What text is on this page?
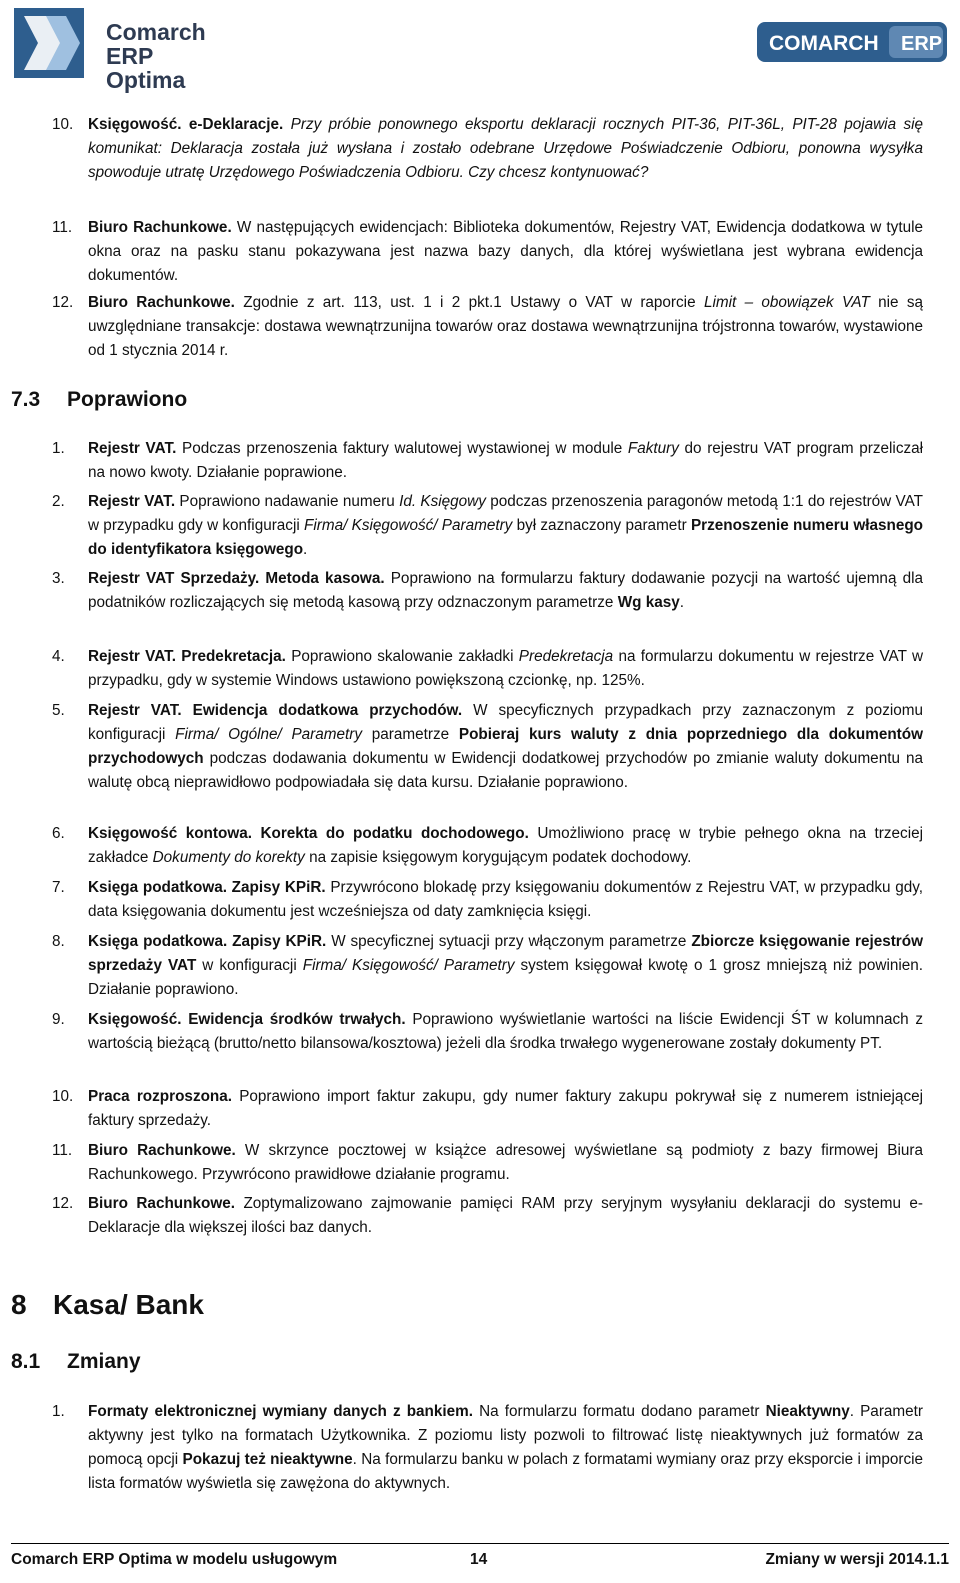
Comarch ERP
Optima
COMARCH ERP
10. Księgowość. e-Deklaracje. Przy próbie ponownego eksportu deklaracji rocznych PIT-36, PIT-36L, PIT-28 pojawia się komunikat: Deklaracja została już wysłana i zostało odebrane Urzędowe Poświadczenie Odbioru, ponowna wysyłka spowoduje utratę Urzędowego Poświadczenia Odbioru. Czy chcesz kontynuować?
11. Biuro Rachunkowe. W następujących ewidencjach: Biblioteka dokumentów, Rejestry VAT, Ewidencja dodatkowa w tytule okna oraz na pasku stanu pokazywana jest nazwa bazy danych, dla której wyświetlana jest wybrana ewidencja dokumentów.
12. Biuro Rachunkowe. Zgodnie z art. 113, ust. 1 i 2 pkt.1 Ustawy o VAT w raporcie Limit – obowiązek VAT nie są uwzględniane transakcje: dostawa wewnątrzunijna towarów oraz dostawa wewnątrzunijna trójstronna towarów, wystawione od 1 stycznia 2014 r.
7.3 Poprawiono
1. Rejestr VAT. Podczas przenoszenia faktury walutowej wystawionej w module Faktury do rejestru VAT program przeliczał na nowo kwoty. Działanie poprawione.
2. Rejestr VAT. Poprawiono nadawanie numeru Id. Księgowy podczas przenoszenia paragonów metodą 1:1 do rejestrów VAT w przypadku gdy w konfiguracji Firma/ Księgowość/ Parametry był zaznaczony parametr Przenoszenie numeru własnego do identyfikatora księgowego.
3. Rejestr VAT Sprzedaży. Metoda kasowa. Poprawiono na formularzu faktury dodawanie pozycji na wartość ujemną dla podatników rozliczających się metodą kasową przy odznaczonym parametrze Wg kasy.
4. Rejestr VAT. Predekretacja. Poprawiono skalowanie zakładki Predekretacja na formularzu dokumentu w rejestrze VAT w przypadku, gdy w systemie Windows ustawiono powiększoną czcionkę, np. 125%.
5. Rejestr VAT. Ewidencja dodatkowa przychodów. W specyficznych przypadkach przy zaznaczonym z poziomu konfiguracji Firma/ Ogólne/ Parametry parametrze Pobieraj kurs waluty z dnia poprzedniego dla dokumentów przychodowych podczas dodawania dokumentu w Ewidencji dodatkowej przychodów po zmianie waluty dokumentu na walutę obcą nieprawidłowo podpowiadała się data kursu. Działanie poprawiono.
6. Księgowość kontowa. Korekta do podatku dochodowego. Umożliwiono pracę w trybie pełnego okna na trzeciej zakładce Dokumenty do korekty na zapisie księgowym korygującym podatek dochodowy.
7. Księga podatkowa. Zapisy KPiR. Przywrócono blokadę przy księgowaniu dokumentów z Rejestru VAT, w przypadku gdy, data księgowania dokumentu jest wcześniejsza od daty zamknięcia księgi.
8. Księga podatkowa. Zapisy KPiR. W specyficznej sytuacji przy włączonym parametrze Zbiorcze księgowanie rejestrów sprzedaży VAT w konfiguracji Firma/ Księgowość/ Parametry system księgował kwotę o 1 grosz mniejszą niż powinien. Działanie poprawiono.
9. Księgowość. Ewidencja środków trwałych. Poprawiono wyświetlanie wartości na liście Ewidencji ŚT w kolumnach z wartością bieżącą (brutto/netto bilansowa/kosztowa) jeżeli dla środka trwałego wygenerowane zostały dokumenty PT.
10. Praca rozproszona. Poprawiono import faktur zakupu, gdy numer faktury zakupu pokrywał się z numerem istniejącej faktury sprzedaży.
11. Biuro Rachunkowe. W skrzynce pocztowej w książce adresowej wyświetlane są podmioty z bazy firmowej Biura Rachunkowego. Przywrócono prawidłowe działanie programu.
12. Biuro Rachunkowe. Zoptymalizowano zajmowanie pamięci RAM przy seryjnym wysyłaniu deklaracji do systemu e-Deklaracje dla większej ilości baz danych.
8 Kasa/ Bank
8.1 Zmiany
1. Formaty elektronicznej wymiany danych z bankiem. Na formularzu formatu dodano parametr Nieaktywny. Parametr aktywny jest tylko na formatach Użytkownika. Z poziomu listy pozwoli to filtrować listę nieaktywnych już formatów za pomocą opcji Pokazuj też nieaktywne. Na formularzu banku w polach z formatami wymiany oraz przy eksporcie i imporcie lista formatów wyświetla się zawężona do aktywnych.
Comarch ERP Optima w modelu usługowym	14	Zmiany w wersji 2014.1.1
